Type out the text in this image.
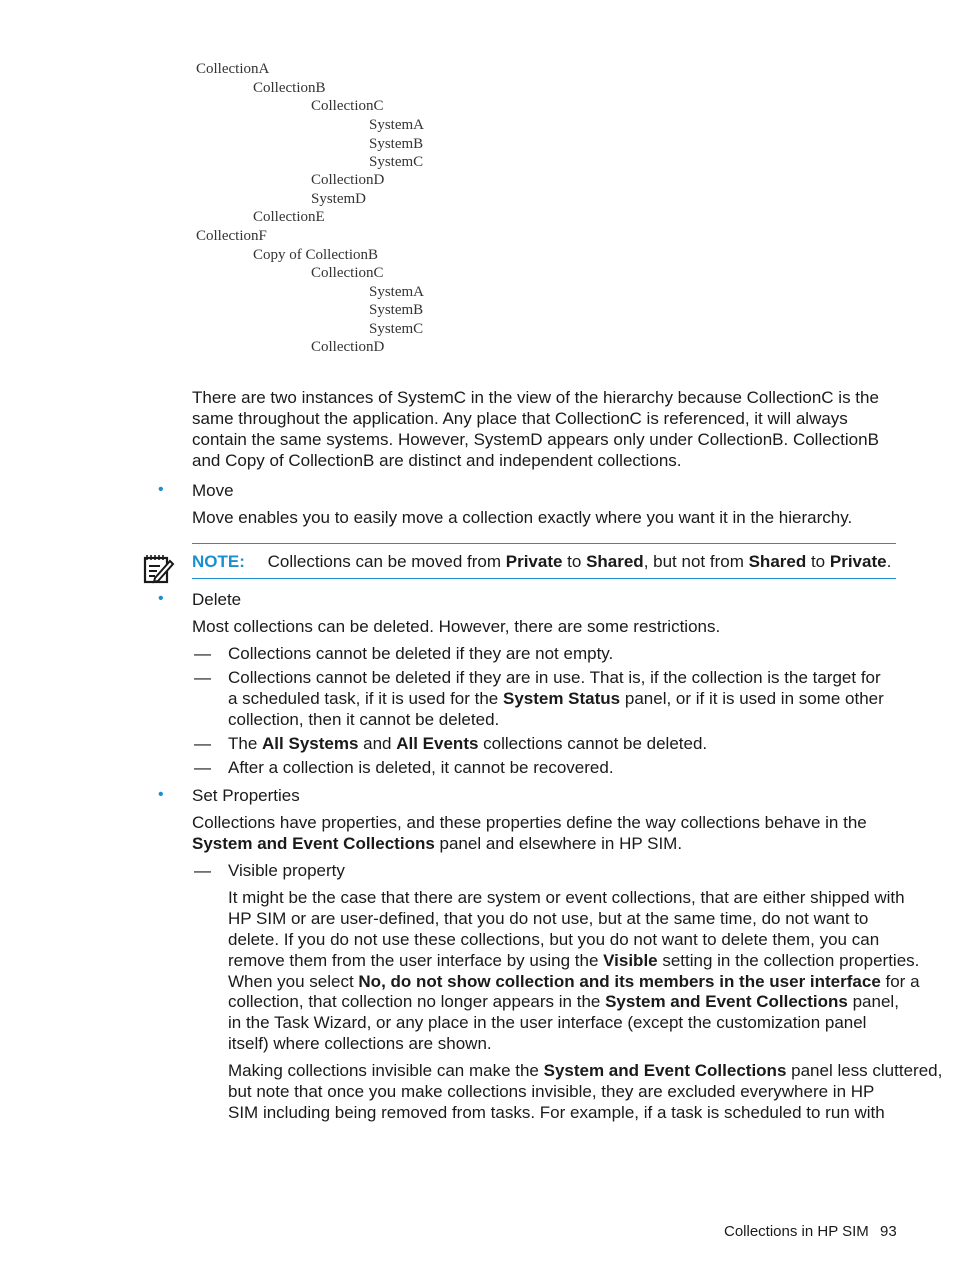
CollectionA
CollectionB
CollectionC
SystemA
SystemB
SystemC
CollectionD
SystemD
CollectionE
CollectionF
Copy of CollectionB
CollectionC
SystemA
SystemB
SystemC
CollectionD
There are two instances of SystemC in the view of the hierarchy because CollectionC is the
same throughout the application. Any place that CollectionC is referenced, it will always
contain the same systems. However, SystemD appears only under CollectionB. CollectionB
and Copy of CollectionB are distinct and independent collections.
• Move
Move enables you to easily move a collection exactly where you want it in the hierarchy.
NOTE: Collections can be moved from Private to Shared, but not from Shared to Private.
• Delete
Most collections can be deleted. However, there are some restrictions.
— Collections cannot be deleted if they are not empty.
— Collections cannot be deleted if they are in use. That is, if the collection is the target for
a scheduled task, if it is used for the System Status panel, or if it is used in some other
collection, then it cannot be deleted.
— The All Systems and All Events collections cannot be deleted.
— After a collection is deleted, it cannot be recovered.
• Set Properties
Collections have properties, and these properties define the way collections behave in the
System and Event Collections panel and elsewhere in HP SIM.
— Visible property
It might be the case that there are system or event collections, that are either shipped with
HP SIM or are user-defined, that you do not use, but at the same time, do not want to
delete. If you do not use these collections, but you do not want to delete them, you can
remove them from the user interface by using the Visible setting in the collection properties.
When you select No, do not show collection and its members in the user interface for a
collection, that collection no longer appears in the System and Event Collections panel,
in the Task Wizard, or any place in the user interface (except the customization panel
itself) where collections are shown.
Making collections invisible can make the System and Event Collections panel less cluttered,
but note that once you make collections invisible, they are excluded everywhere in HP
SIM including being removed from tasks. For example, if a task is scheduled to run with
Collections in HP SIM 93
